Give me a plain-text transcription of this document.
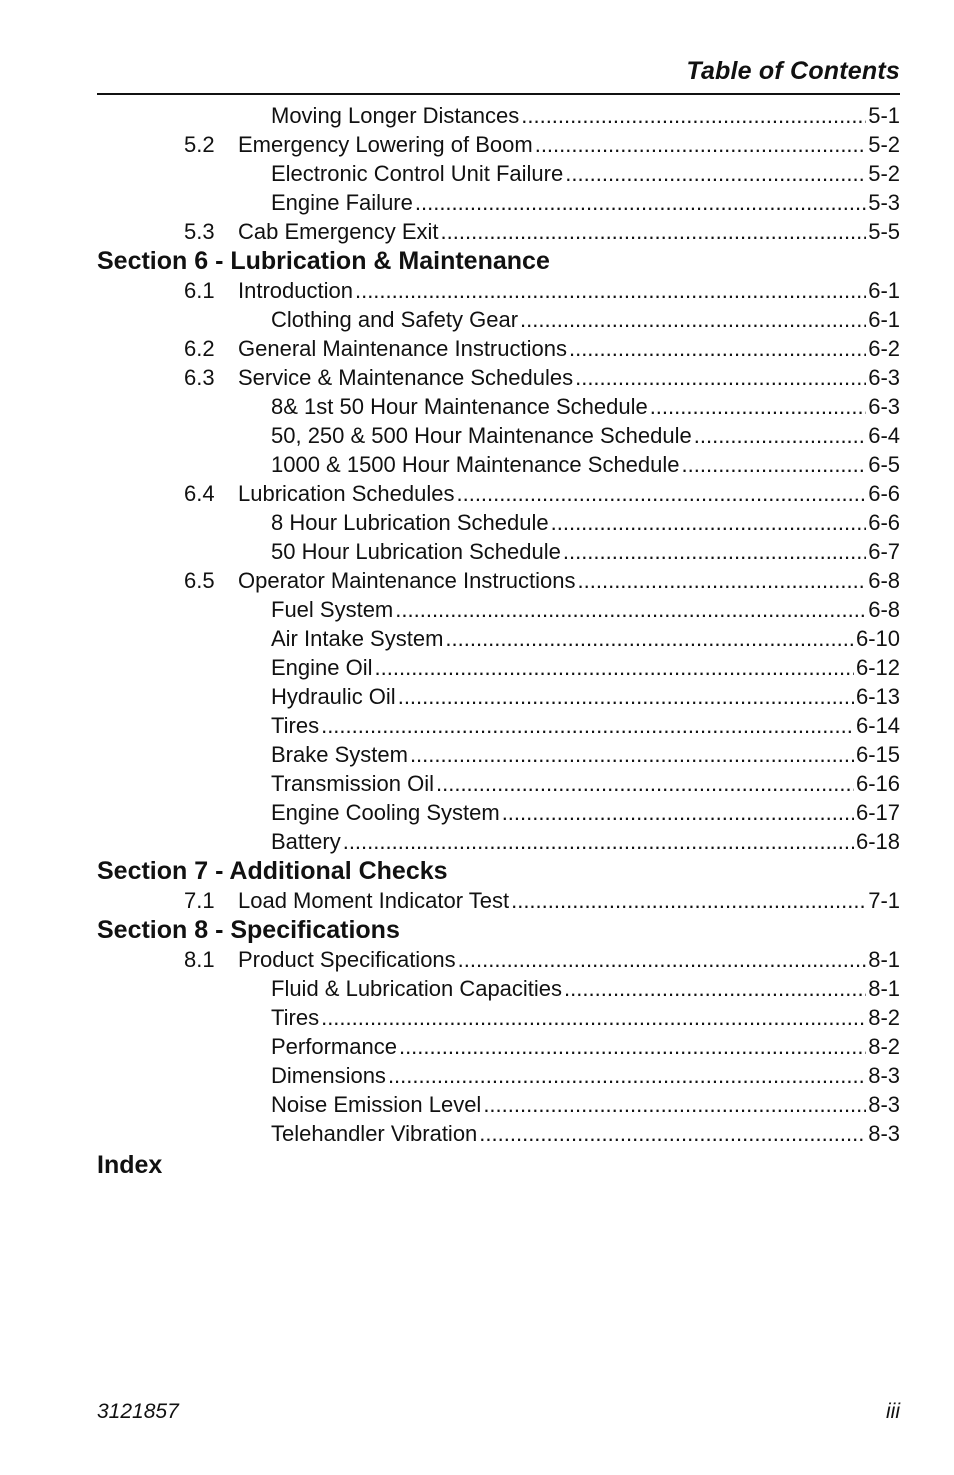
Table of Contents
Moving Longer Distances .....	5-1
5.2 Emergency Lowering of Boom .....	5-2
Electronic Control Unit Failure .....	5-2
Engine Failure .....	5-3
5.3 Cab Emergency Exit .....	5-5
Section 6 - Lubrication & Maintenance
6.1 Introduction .....	6-1
Clothing and Safety Gear .....	6-1
6.2 General Maintenance Instructions .....	6-2
6.3 Service & Maintenance Schedules .....	6-3
8& 1st 50 Hour Maintenance Schedule .....	6-3
50, 250 & 500 Hour Maintenance Schedule .....	6-4
1000 & 1500 Hour Maintenance Schedule .....	6-5
6.4 Lubrication Schedules .....	6-6
8 Hour Lubrication Schedule .....	6-6
50 Hour Lubrication Schedule .....	6-7
6.5 Operator Maintenance Instructions .....	6-8
Fuel System .....	6-8
Air Intake System .....	6-10
Engine Oil .....	6-12
Hydraulic Oil .....	6-13
Tires .....	6-14
Brake System .....	6-15
Transmission Oil .....	6-16
Engine Cooling System .....	6-17
Battery .....	6-18
Section 7 - Additional Checks
7.1 Load Moment Indicator Test .....	7-1
Section 8 - Specifications
8.1 Product Specifications .....	8-1
Fluid & Lubrication Capacities .....	8-1
Tires .....	8-2
Performance .....	8-2
Dimensions .....	8-3
Noise Emission Level .....	8-3
Telehandler Vibration .....	8-3
Index
3121857	iii
